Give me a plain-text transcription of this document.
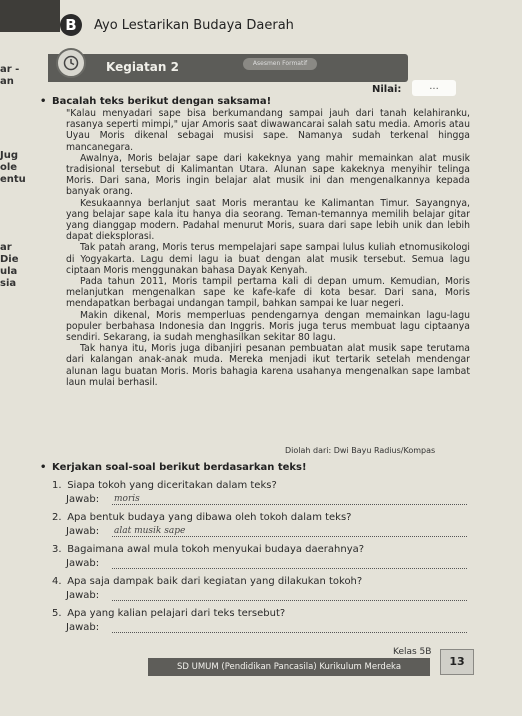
ar -
an
Jug
ole
entu
ar
Die
ula
sia
B	Ayo Lestarikan Budaya Daerah
Kegiatan 2	Asesmen Formatif
Nilai:	...
• Bacalah teks berikut dengan saksama!

"Kalau menyadari sape bisa berkumandang sampai jauh dari tanah kelahiranku, rasanya seperti mimpi," ujar Amoris saat diwawancarai salah satu media. Amoris atau Uyau Moris dikenal sebagai musisi sape. Namanya sudah terkenal hingga mancanegara.

Awalnya, Moris belajar sape dari kakeknya yang mahir memainkan alat musik tradisional tersebut di Kalimantan Utara. Alunan sape kakeknya menyihir telinga Moris. Dari sana, Moris ingin belajar alat musik ini dan mengenalkannya kepada banyak orang.

Kesukaannya berlanjut saat Moris merantau ke Kalimantan Timur. Sayangnya, yang belajar sape kala itu hanya dia seorang. Teman-temannya memilih belajar gitar yang dianggap modern. Padahal menurut Moris, suara dari sape lebih unik dan lebih dapat dieksplorasi.

Tak patah arang, Moris terus mempelajari sape sampai lulus kuliah etnomusikologi di Yogyakarta. Lagu demi lagu ia buat dengan alat musik tersebut. Semua lagu ciptaan Moris menggunakan bahasa Dayak Kenyah.

Pada tahun 2011, Moris tampil pertama kali di depan umum. Kemudian, Moris melanjutkan mengenalkan sape ke kafe-kafe di kota besar. Dari sana, Moris mendapatkan berbagai undangan tampil, bahkan sampai ke luar negeri.

Makin dikenal, Moris memperluas pendengarnya dengan memainkan lagu-lagu populer berbahasa Indonesia dan Inggris. Moris juga terus membuat lagu ciptaanya sendiri. Sekarang, ia sudah menghasilkan sekitar 80 lagu.

Tak hanya itu, Moris juga dibanjiri pesanan pembuatan alat musik sape terutama dari kalangan anak-anak muda. Mereka menjadi ikut tertarik setelah mendengar alunan lagu buatan Moris. Moris bahagia karena usahanya mengenalkan sape lambat laun mulai berhasil.

Diolah dari: Dwi Bayu Radius/Kompas
• Kerjakan soal-soal berikut berdasarkan teks!
1. Siapa tokoh yang diceritakan dalam teks?
Jawab: moris
2. Apa bentuk budaya yang dibawa oleh tokoh dalam teks?
Jawab: alat musik sape
3. Bagaimana awal mula tokoh menyukai budaya daerahnya?
Jawab:
4. Apa saja dampak baik dari kegiatan yang dilakukan tokoh?
Jawab:
5. Apa yang kalian pelajari dari teks tersebut?
Jawab:
Kelas 5B
SD UMUM (Pendidikan Pancasila) Kurikulum Merdeka	13
